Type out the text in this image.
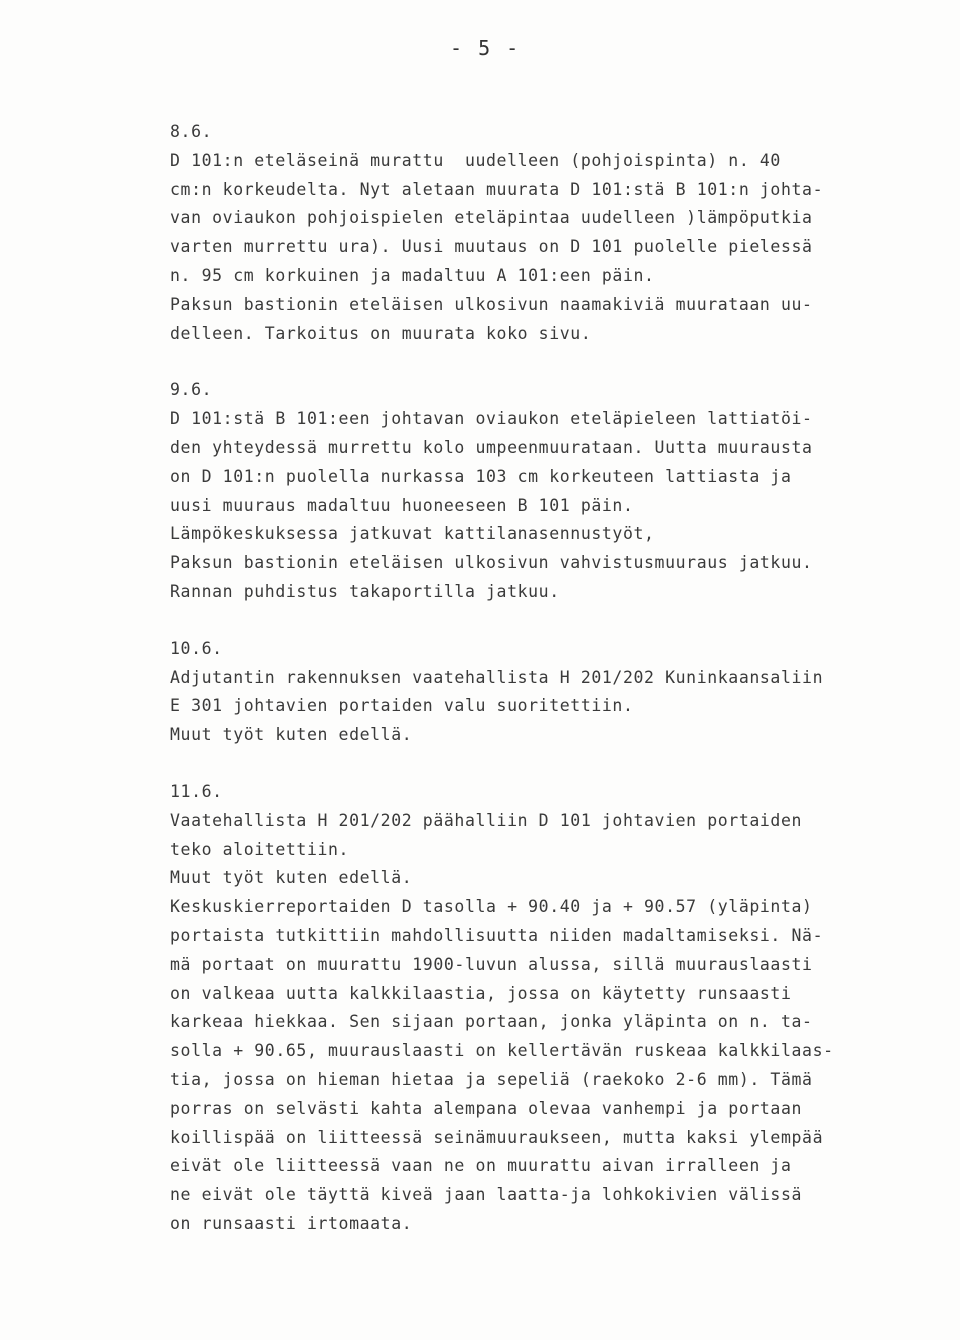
- 5 -
8.6.
D 101:n eteläseinä murattu  uudelleen (pohjoispinta) n. 40
cm:n korkeudelta. Nyt aletaan muurata D 101:stä B 101:n johta-
van oviaukon pohjoispielen eteläpintaa uudelleen )lämpöputkia
varten murrettu ura). Uusi muutaus on D 101 puolelle pielessä
n. 95 cm korkuinen ja madaltuu A 101:een päin.
Paksun bastionin eteläisen ulkosivun naamakiviä muurataan uu-
delleen. Tarkoitus on muurata koko sivu.
9.6.
D 101:stä B 101:een johtavan oviaukon eteläpieleen lattiatöi-
den yhteydessä murrettu kolo umpeenmuurataan. Uutta muurausta
on D 101:n puolella nurkassa 103 cm korkeuteen lattiasta ja
uusi muuraus madaltuu huoneeseen B 101 päin.
Lämpökeskuksessa jatkuvat kattilanasennustyöt,
Paksun bastionin eteläisen ulkosivun vahvistusmuuraus jatkuu.
Rannan puhdistus takaportilla jatkuu.
10.6.
Adjutantin rakennuksen vaatehallista H 201/202 Kuninkaansaliin
E 301 johtavien portaiden valu suoritettiin.
Muut työt kuten edellä.
11.6.
Vaatehallista H 201/202 päähalliin D 101 johtavien portaiden
teko aloitettiin.
Muut työt kuten edellä.
Keskuskierreportaiden D tasolla + 90.40 ja + 90.57 (yläpinta)
portaista tutkittiin mahdollisuutta niiden madaltamiseksi. Nä-
mä portaat on muurattu 1900-luvun alussa, sillä muurauslaasti
on valkeaa uutta kalkkilaastia, jossa on käytetty runsaasti
karkeaa hiekkaa. Sen sijaan portaan, jonka yläpinta on n. ta-
solla + 90.65, muurauslaasti on kellertävän ruskeaa kalkkilaas-
tia, jossa on hieman hietaa ja sepeliä (raekoko 2-6 mm). Tämä
porras on selvästi kahta alempana olevaa vanhempi ja portaan
koillispää on liitteessä seinämuuraukseen, mutta kaksi ylempää
eivät ole liitteessä vaan ne on muurattu aivan irralleen ja
ne eivät ole täyttä kiveä jaan laatta-ja lohkokivien välissä
on runsaasti irtomaata.
